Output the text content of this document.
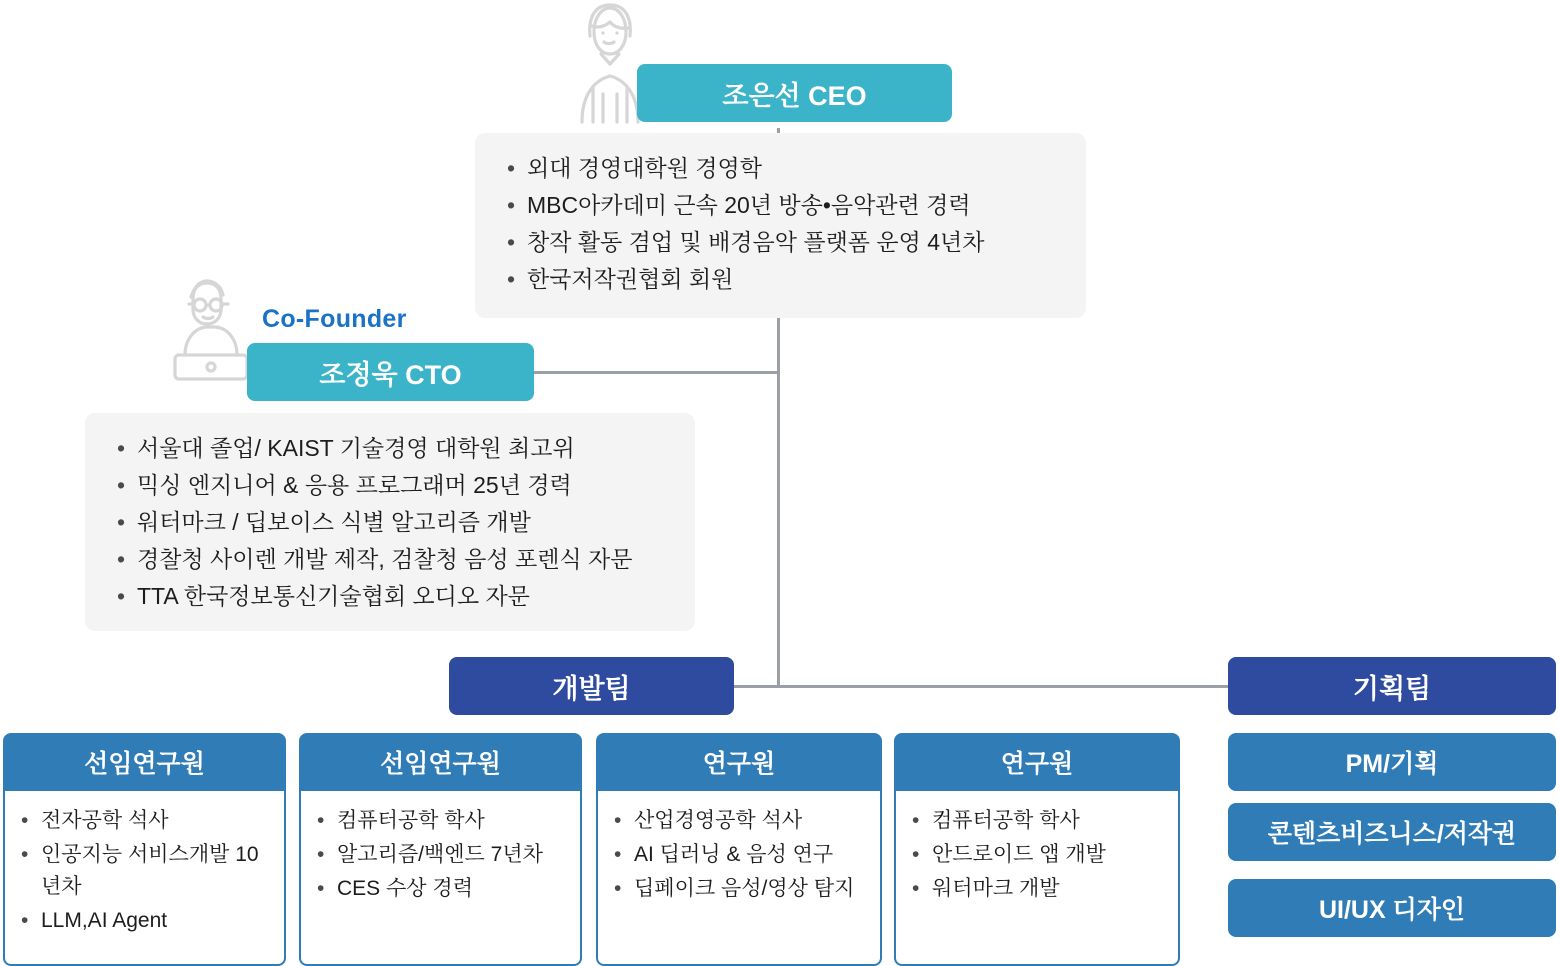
조은선 CEO
• 외대 경영대학원 경영학
• MBC아카데미 근속 20년 방송•음악관련 경력
• 창작 활동 겸업 및 배경음악 플랫폼 운영 4년차
• 한국저작권협회 회원
Co-Founder
조정욱 CTO
• 서울대 졸업/ KAIST 기술경영 대학원 최고위
• 믹싱 엔지니어 & 응용 프로그래머 25년 경력
• 워터마크 / 딥보이스 식별 알고리즘 개발
• 경찰청 사이렌 개발 제작, 검찰청 음성 포렌식 자문
• TTA 한국정보통신기술협회 오디오 자문
개발팀	기획팀
선임연구원
• 전자공학 석사
• 인공지능 서비스개발 10년차
• LLM,AI Agent
선임연구원
• 컴퓨터공학 학사
• 알고리즘/백엔드 7년차
• CES 수상 경력
연구원
• 산업경영공학 석사
• AI 딥러닝 & 음성 연구
• 딥페이크 음성/영상 탐지
연구원
• 컴퓨터공학 학사
• 안드로이드 앱 개발
• 워터마크 개발
PM/기획
콘텐츠비즈니스/저작권
UI/UX 디자인
